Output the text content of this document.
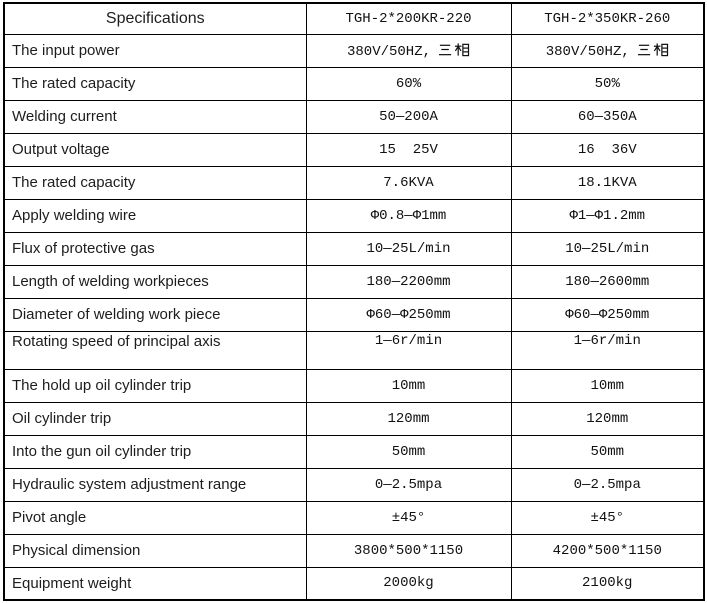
Specifications	TGH-2*200KR-220	TGH-2*350KR-260
The input power	380V/50HZ,	380V/50HZ,
The rated capacity	60%	50%
Welding current	50—200A	60—350A
Output voltage	15  25V	16  36V
The rated capacity	7.6KVA	18.1KVA
Apply welding wire	Φ0.8—Φ1mm	Φ1—Φ1.2mm
Flux of protective gas	10—25L/min	10—25L/min
Length of welding workpieces	180—2200mm	180—2600mm
Diameter of welding work piece	Φ60—Φ250mm	Φ60—Φ250mm
Rotating speed of principal axis	1—6r/min	1—6r/min
The hold up oil cylinder trip	10mm	10mm
Oil cylinder trip	120mm	120mm
Into the gun oil cylinder trip	50mm	50mm
Hydraulic system adjustment range	0—2.5mpa	0—2.5mpa
Pivot angle	±45°	±45°
Physical dimension	3800*500*1150	4200*500*1150
Equipment weight	2000kg	2100kg
